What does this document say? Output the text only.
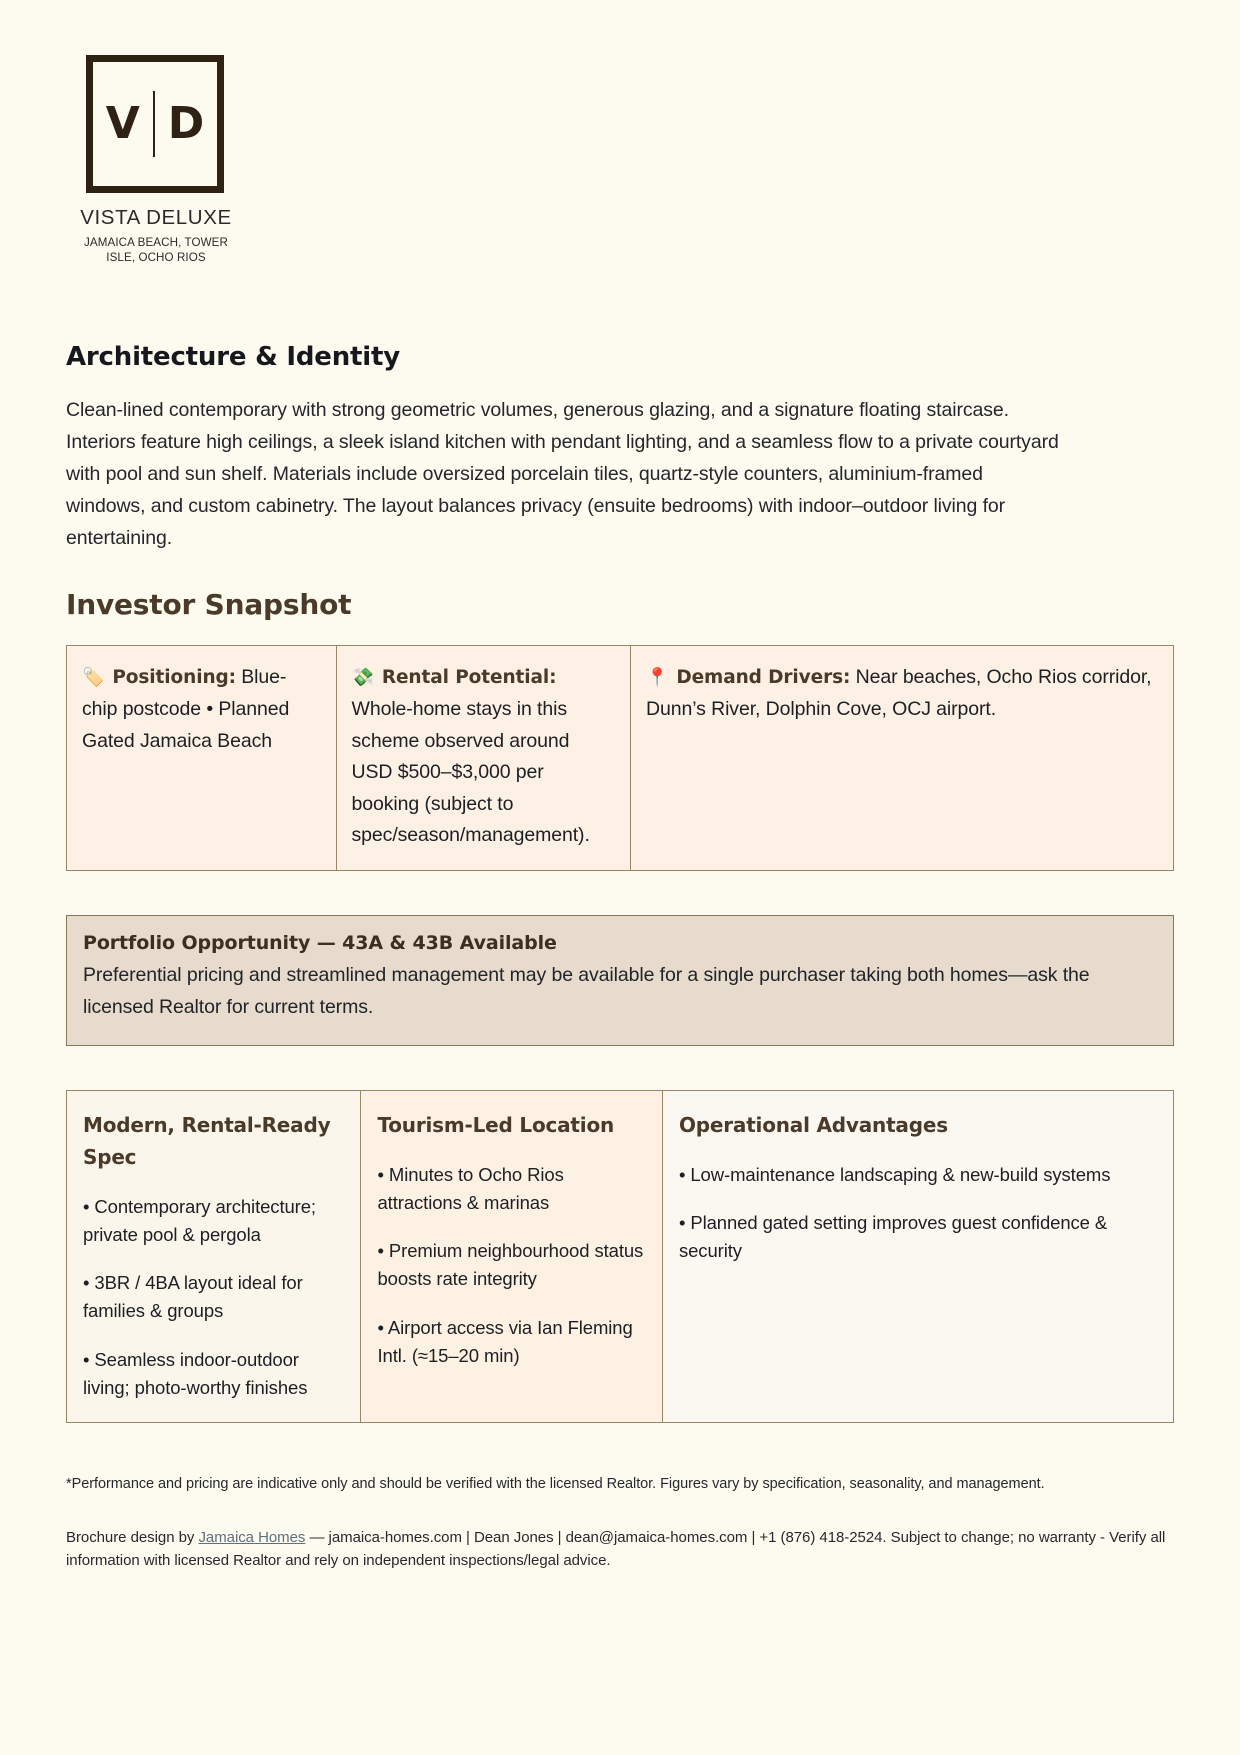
V D
VISTA DELUXE
JAMAICA BEACH, TOWER
ISLE, OCHO RIOS
Architecture & Identity

Clean-lined contemporary with strong geometric volumes, generous glazing, and a signature floating staircase. Interiors feature high ceilings, a sleek island kitchen with pendant lighting, and a seamless flow to a private courtyard with pool and sun shelf. Materials include oversized porcelain tiles, quartz-style counters, aluminium-framed windows, and custom cabinetry. The layout balances privacy (ensuite bedrooms) with indoor–outdoor living for entertaining.

Investor Snapshot
🏷️ Positioning: Blue-chip postcode • Planned Gated Jamaica Beach
💸 Rental Potential: Whole-home stays in this scheme observed around USD $500–$3,000 per booking (subject to spec/season/management).
📍 Demand Drivers: Near beaches, Ocho Rios corridor, Dunn’s River, Dolphin Cove, OCJ airport.
Portfolio Opportunity — 43A & 43B Available
Preferential pricing and streamlined management may be available for a single purchaser taking both homes—ask the licensed Realtor for current terms.
Modern, Rental-Ready Spec
• Contemporary architecture; private pool & pergola
• 3BR / 4BA layout ideal for families & groups
• Seamless indoor-outdoor living; photo-worthy finishes
Tourism-Led Location
• Minutes to Ocho Rios attractions & marinas
• Premium neighbourhood status boosts rate integrity
• Airport access via Ian Fleming Intl. (≈15–20 min)
Operational Advantages
• Low-maintenance landscaping & new-build systems
• Planned gated setting improves guest confidence & security
*Performance and pricing are indicative only and should be verified with the licensed Realtor. Figures vary by specification, seasonality, and management.
Brochure design by Jamaica Homes — jamaica-homes.com | Dean Jones | dean@jamaica-homes.com | +1 (876) 418-2524. Subject to change; no warranty - Verify all information with licensed Realtor and rely on independent inspections/legal advice.
